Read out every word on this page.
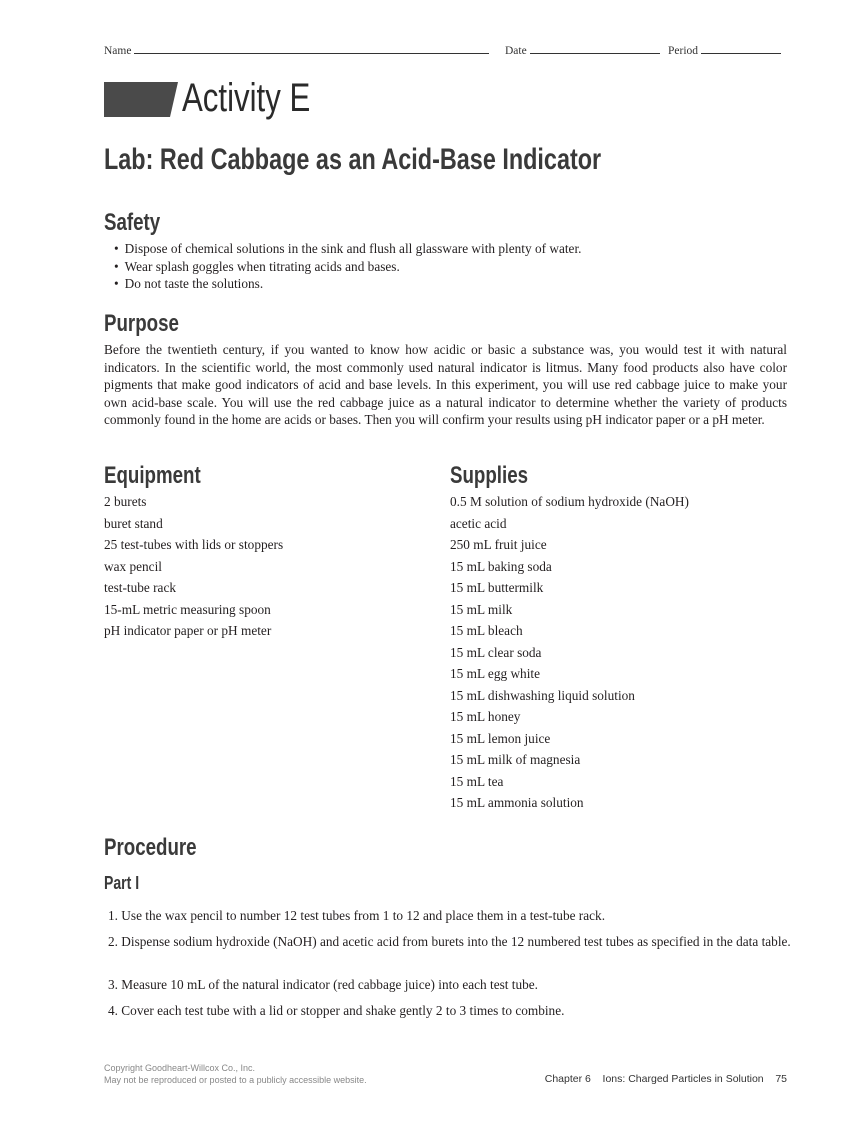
Name	Date	Period
Activity E
Lab: Red Cabbage as an Acid-Base Indicator
Safety
• Dispose of chemical solutions in the sink and flush all glassware with plenty of water.
• Wear splash goggles when titrating acids and bases.
• Do not taste the solutions.
Purpose
Before the twentieth century, if you wanted to know how acidic or basic a substance was, you would test it with natural indicators. In the scientific world, the most commonly used natural indicator is litmus. Many food products also have color pigments that make good indicators of acid and base levels. In this experiment, you will use red cabbage juice to make your own acid-base scale. You will use the red cabbage juice as a natural indicator to determine whether the variety of products commonly found in the home are acids or bases. Then you will confirm your results using pH indicator paper or a pH meter.
Equipment
2 burets
buret stand
25 test-tubes with lids or stoppers
wax pencil
test-tube rack
15-mL metric measuring spoon
pH indicator paper or pH meter
Supplies
0.5 M solution of sodium hydroxide (NaOH)
acetic acid
250 mL fruit juice
15 mL baking soda
15 mL buttermilk
15 mL milk
15 mL bleach
15 mL clear soda
15 mL egg white
15 mL dishwashing liquid solution
15 mL honey
15 mL lemon juice
15 mL milk of magnesia
15 mL tea
15 mL ammonia solution
Procedure
Part I
1. Use the wax pencil to number 12 test tubes from 1 to 12 and place them in a test-tube rack.
2. Dispense sodium hydroxide (NaOH) and acetic acid from burets into the 12 numbered test tubes as specified in the data table.
3. Measure 10 mL of the natural indicator (red cabbage juice) into each test tube.
4. Cover each test tube with a lid or stopper and shake gently 2 to 3 times to combine.
Copyright Goodheart-Willcox Co., Inc.
May not be reproduced or posted to a publicly accessible website.	Chapter 6 Ions: Charged Particles in Solution 75
